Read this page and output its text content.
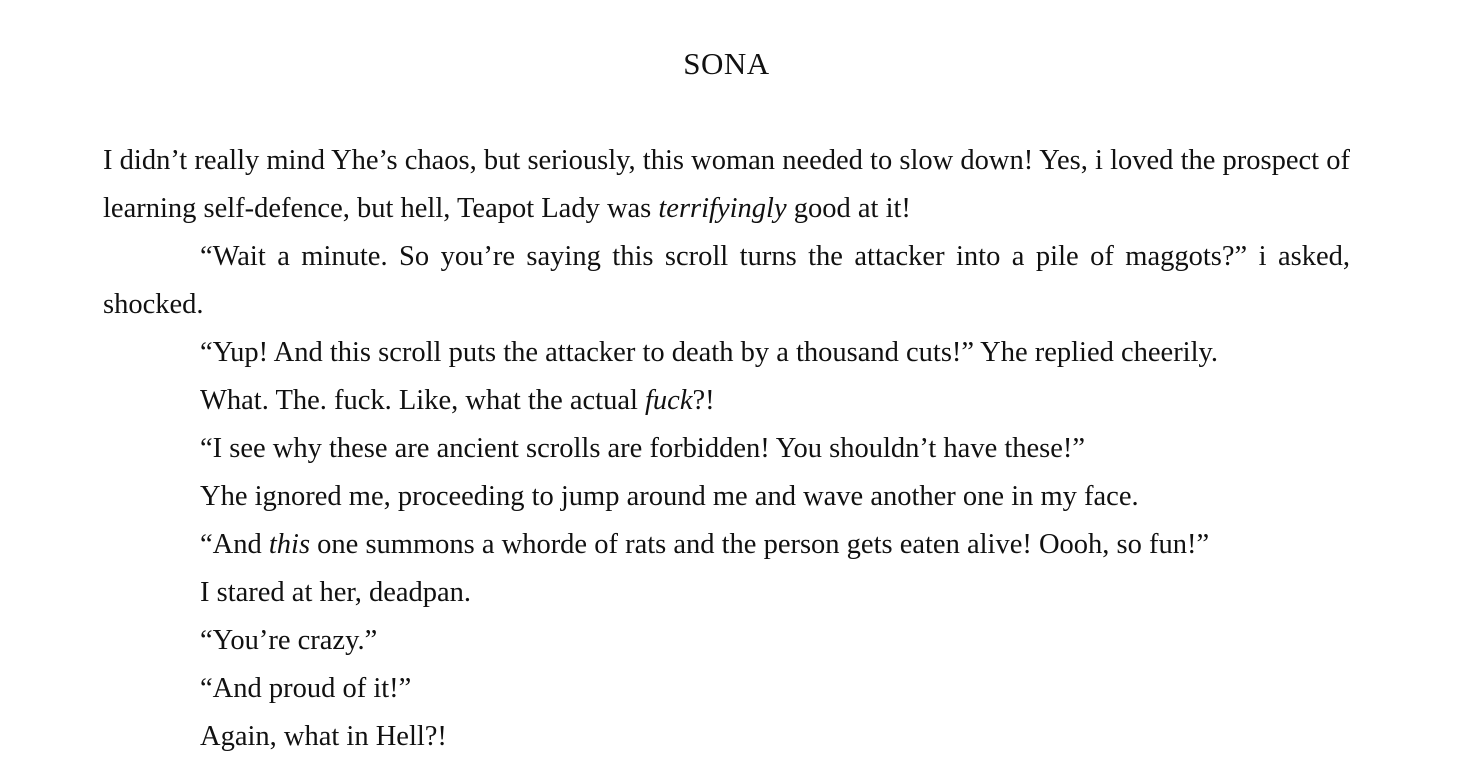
SONA

I didn’t really mind Yhe’s chaos, but seriously, this woman needed to slow down! Yes, i loved the prospect of learning self-defence, but hell, Teapot Lady was terrifyingly good at it!

“Wait a minute. So you’re saying this scroll turns the attacker into a pile of maggots?” i asked, shocked.

“Yup! And this scroll puts the attacker to death by a thousand cuts!” Yhe replied cheerily.

What. The. fuck. Like, what the actual fuck?!

“I see why these are ancient scrolls are forbidden! You shouldn’t have these!”

Yhe ignored me, proceeding to jump around me and wave another one in my face.

“And this one summons a whorde of rats and the person gets eaten alive! Oooh, so fun!”

I stared at her, deadpan.

“You’re crazy.”

“And proud of it!”

Again, what in Hell?!
